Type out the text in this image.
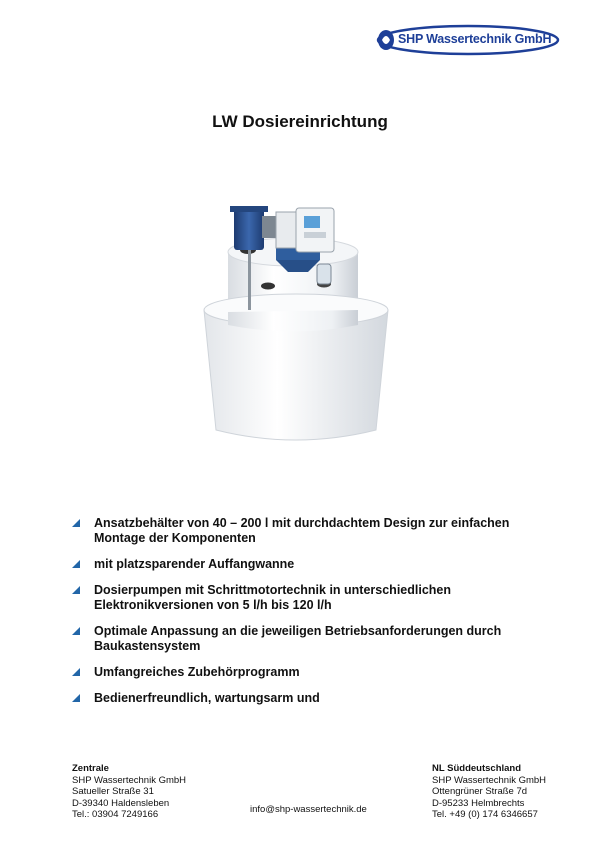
SHP Wassertechnik GmbH
LW Dosiereinrichtung
Ansatzbehälter von 40 – 200 l mit durchdachtem Design zur einfachen Montage der Komponenten
mit platzsparender Auffangwanne
Dosierpumpen mit Schrittmotortechnik in unterschiedlichen Elektronikversionen von 5 l/h bis 120 l/h
Optimale Anpassung an die jeweiligen Betriebsanforderungen durch Baukastensystem
Umfangreiches Zubehörprogramm
Bedienerfreundlich, wartungsarm und
Zentrale
SHP Wassertechnik GmbH
Satueller Straße 31
D-39340 Haldensleben
Tel.: 03904 7249166	info@shp-wassertechnik.de
NL Süddeutschland
SHP Wassertechnik GmbH
Ottengrüner Straße 7d
D-95233 Helmbrechts
Tel. +49 (0) 174 6346657
